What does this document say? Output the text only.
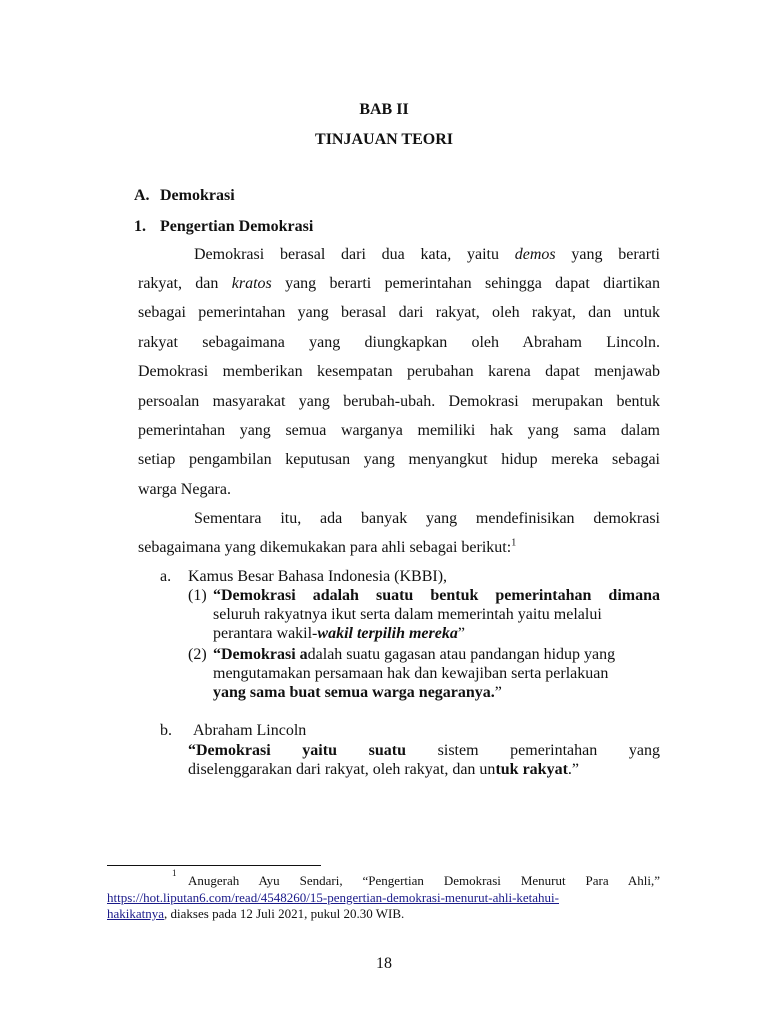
BAB II
TINJAUAN TEORI
A. Demokrasi
1. Pengertian Demokrasi
Demokrasi berasal dari dua kata, yaitu demos yang berarti
rakyat, dan kratos yang berarti pemerintahan sehingga dapat diartikan
sebagai pemerintahan yang berasal dari rakyat, oleh rakyat, dan untuk
rakyat sebagaimana yang diungkapkan oleh Abraham Lincoln.
Demokrasi memberikan kesempatan perubahan karena dapat menjawab
persoalan masyarakat yang berubah-ubah. Demokrasi merupakan bentuk
pemerintahan yang semua warganya memiliki hak yang sama dalam
setiap pengambilan keputusan yang menyangkut hidup mereka sebagai
warga Negara.
Sementara itu, ada banyak yang mendefinisikan demokrasi
sebagaimana yang dikemukakan para ahli sebagai berikut:$^1$
a. Kamus Besar Bahasa Indonesia (KBBI),
(1) “Demokrasi adalah suatu bentuk pemerintahan dimana
seluruh rakyatnya ikut serta dalam memerintah yaitu melalui
perantara wakil-wakil terpilih mereka”
(2) “Demokrasi adalah suatu gagasan atau pandangan hidup yang
mengutamakan persamaan hak dan kewajiban serta perlakuan
yang sama buat semua warga negaranya.”
b. Abraham Lincoln
“Demokrasi yaitu suatu sistem pemerintahan yang
diselenggarakan dari rakyat, oleh rakyat, dan untuk rakyat.”
1 Anugerah Ayu Sendari, “Pengertian Demokrasi Menurut Para Ahli,”
https://hot.liputan6.com/read/4548260/15-pengertian-demokrasi-menurut-ahli-ketahui-
hakikatnya, diakses pada 12 Juli 2021, pukul 20.30 WIB.
18
